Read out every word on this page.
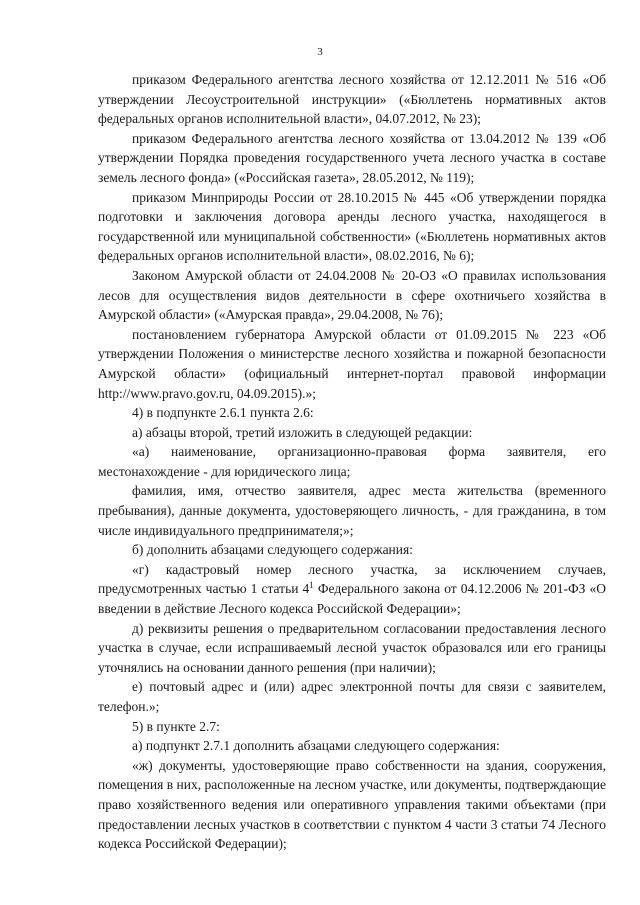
3

приказом Федерального агентства лесного хозяйства от 12.12.2011 № 516 «Об утверждении Лесоустроительной инструкции» («Бюллетень нормативных актов федеральных органов исполнительной власти», 04.07.2012, № 23);

приказом Федерального агентства лесного хозяйства от 13.04.2012 № 139 «Об утверждении Порядка проведения государственного учета лесного участка в составе земель лесного фонда» («Российская газета», 28.05.2012, № 119);

приказом Минприроды России от 28.10.2015 № 445 «Об утверждении порядка подготовки и заключения договора аренды лесного участка, находящегося в государственной или муниципальной собственности» («Бюллетень нормативных актов федеральных органов исполнительной власти», 08.02.2016, № 6);

Законом Амурской области от 24.04.2008 № 20-ОЗ «О правилах использования лесов для осуществления видов деятельности в сфере охотничьего хозяйства в Амурской области» («Амурская правда», 29.04.2008, № 76);

постановлением губернатора Амурской области от 01.09.2015 № 223 «Об утверждении Положения о министерстве лесного хозяйства и пожарной безопасности Амурской области» (официальный интернет-портал правовой информации http://www.pravo.gov.ru, 04.09.2015).»;

4) в подпункте 2.6.1 пункта 2.6:

а) абзацы второй, третий изложить в следующей редакции:

«а) наименование, организационно-правовая форма заявителя, его местонахождение - для юридического лица;

фамилия, имя, отчество заявителя, адрес места жительства (временного пребывания), данные документа, удостоверяющего личность, - для гражданина, в том числе индивидуального предпринимателя;»;

б) дополнить абзацами следующего содержания:

«г) кадастровый номер лесного участка, за исключением случаев, предусмотренных частью 1 статьи $4^1$ Федерального закона от 04.12.2006 № 201-ФЗ «О введении в действие Лесного кодекса Российской Федерации»;

д) реквизиты решения о предварительном согласовании предоставления лесного участка в случае, если испрашиваемый лесной участок образовался или его границы уточнялись на основании данного решения (при наличии);

е) почтовый адрес и (или) адрес электронной почты для связи с заявителем, телефон.»;

5) в пункте 2.7:

а) подпункт 2.7.1 дополнить абзацами следующего содержания:

«ж) документы, удостоверяющие право собственности на здания, сооружения, помещения в них, расположенные на лесном участке, или документы, подтверждающие право хозяйственного ведения или оперативного управления такими объектами (при предоставлении лесных участков в соответствии с пунктом 4 части 3 статьи 74 Лесного кодекса Российской Федерации);
